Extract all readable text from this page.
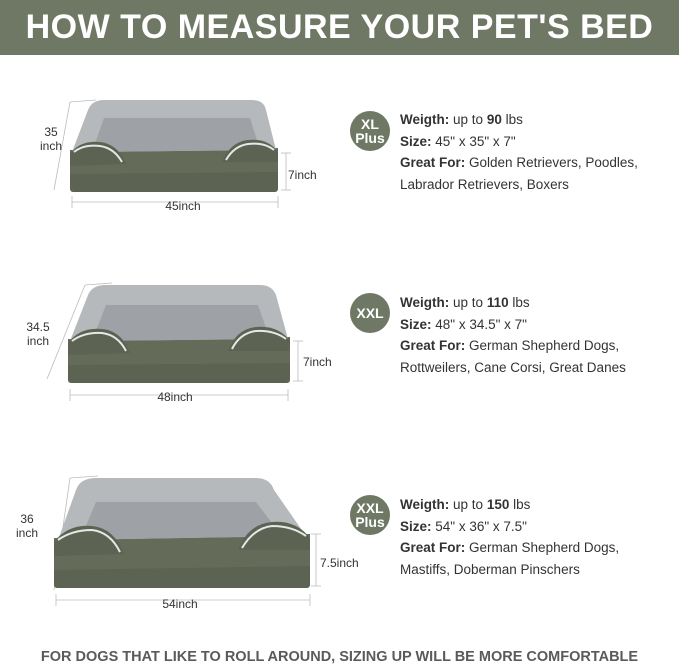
HOW TO MEASURE YOUR PET'S BED
35
inch
45inch
7inch
XL
Plus
Weigth: up to 90 lbs
Size: 45" x 35" x 7"
Great For: Golden Retrievers, Poodles,
Labrador Retrievers, Boxers
34.5
inch
48inch
7inch
XXL
Weigth: up to 110 lbs
Size: 48" x 34.5" x 7"
Great For: German Shepherd Dogs,
Rottweilers, Cane Corsi, Great Danes
36
inch
54inch
7.5inch
XXL
Plus
Weigth: up to 150 lbs
Size: 54" x 36" x 7.5"
Great For: German Shepherd Dogs,
Mastiffs, Doberman Pinschers
FOR DOGS THAT LIKE TO ROLL AROUND, SIZING UP WILL BE MORE COMFORTABLE
